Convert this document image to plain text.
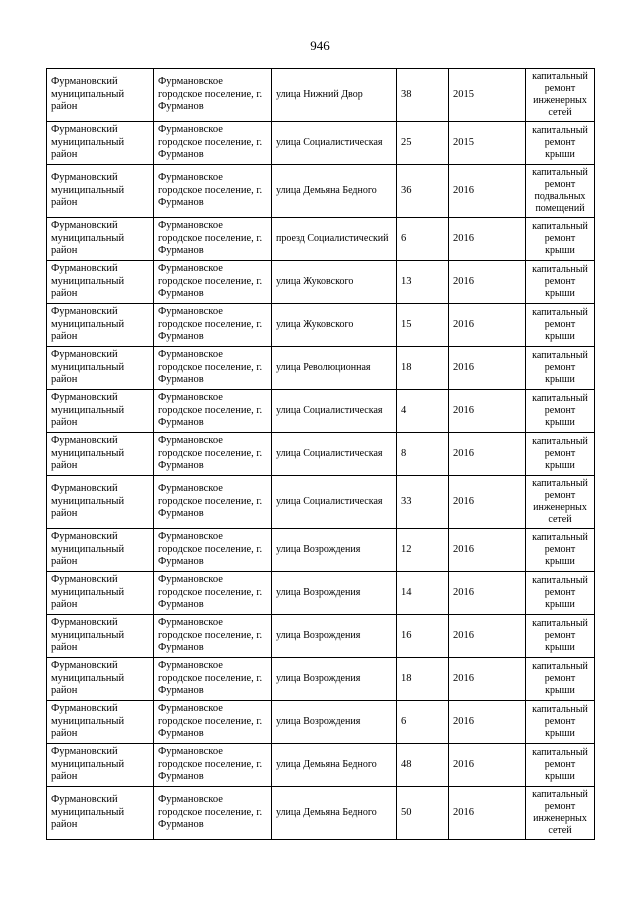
946
Фурмановский муниципальный район	Фурмановское городское поселение, г. Фурманов	улица Нижний Двор	38	2015	капитальный ремонт инженерных сетей
Фурмановский муниципальный район	Фурмановское городское поселение, г. Фурманов	улица Социалистическая	25	2015	капитальный ремонт крыши
Фурмановский муниципальный район	Фурмановское городское поселение, г. Фурманов	улица Демьяна Бедного	36	2016	капитальный ремонт подвальных помещений
Фурмановский муниципальный район	Фурмановское городское поселение, г. Фурманов	проезд Социалистический	6	2016	капитальный ремонт крыши
Фурмановский муниципальный район	Фурмановское городское поселение, г. Фурманов	улица Жуковского	13	2016	капитальный ремонт крыши
Фурмановский муниципальный район	Фурмановское городское поселение, г. Фурманов	улица Жуковского	15	2016	капитальный ремонт крыши
Фурмановский муниципальный район	Фурмановское городское поселение, г. Фурманов	улица Революционная	18	2016	капитальный ремонт крыши
Фурмановский муниципальный район	Фурмановское городское поселение, г. Фурманов	улица Социалистическая	4	2016	капитальный ремонт крыши
Фурмановский муниципальный район	Фурмановское городское поселение, г. Фурманов	улица Социалистическая	8	2016	капитальный ремонт крыши
Фурмановский муниципальный район	Фурмановское городское поселение, г. Фурманов	улица Социалистическая	33	2016	капитальный ремонт инженерных сетей
Фурмановский муниципальный район	Фурмановское городское поселение, г. Фурманов	улица Возрождения	12	2016	капитальный ремонт крыши
Фурмановский муниципальный район	Фурмановское городское поселение, г. Фурманов	улица Возрождения	14	2016	капитальный ремонт крыши
Фурмановский муниципальный район	Фурмановское городское поселение, г. Фурманов	улица Возрождения	16	2016	капитальный ремонт крыши
Фурмановский муниципальный район	Фурмановское городское поселение, г. Фурманов	улица Возрождения	18	2016	капитальный ремонт крыши
Фурмановский муниципальный район	Фурмановское городское поселение, г. Фурманов	улица Возрождения	6	2016	капитальный ремонт крыши
Фурмановский муниципальный район	Фурмановское городское поселение, г. Фурманов	улица Демьяна Бедного	48	2016	капитальный ремонт крыши
Фурмановский муниципальный район	Фурмановское городское поселение, г. Фурманов	улица Демьяна Бедного	50	2016	капитальный ремонт инженерных сетей
